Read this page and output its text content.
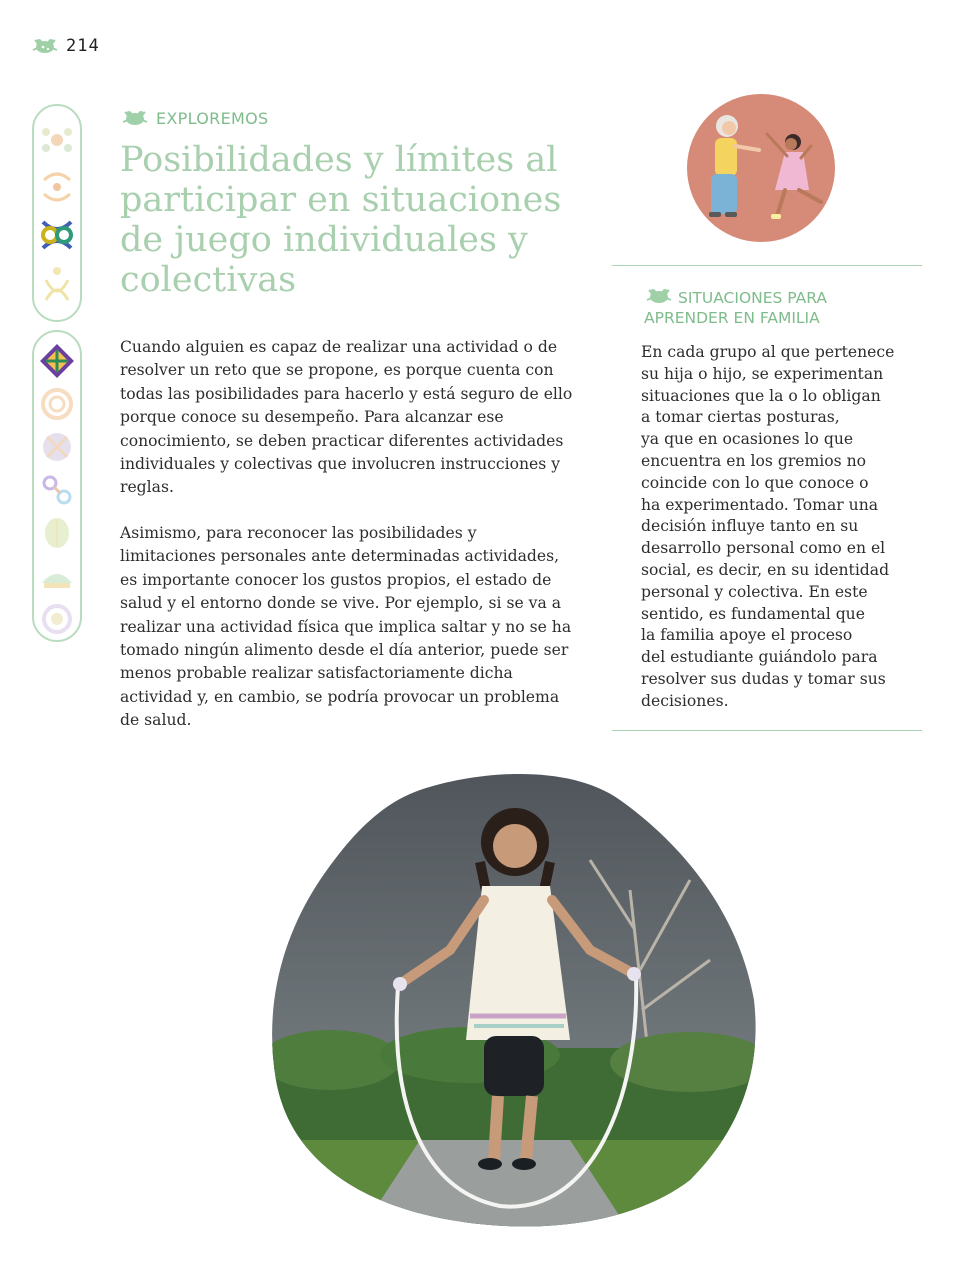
214
EXPLOREMOS
Posibilidades y límites al participar en situaciones de juego individuales y colectivas

Cuando alguien es capaz de realizar una actividad o de resolver un reto que se propone, es porque cuenta con todas las posibilidades para hacerlo y está seguro de ello porque conoce su desempeño. Para alcanzar ese conocimiento, se deben practicar diferentes actividades individuales y colectivas que involucren instrucciones y reglas.

Asimismo, para reconocer las posibilidades y limitaciones personales ante determinadas actividades, es importante conocer los gustos propios, el estado de salud y el entorno donde se vive. Por ejemplo, si se va a realizar una actividad física que implica saltar y no se ha tomado ningún alimento desde el día anterior, puede ser menos probable realizar satisfactoriamente dicha actividad y, en cambio, se podría provocar un problema de salud.

SITUACIONES PARA APRENDER EN FAMILIA

En cada grupo al que pertenece
su hija o hijo, se experimentan
situaciones que la o lo obligan
a tomar ciertas posturas,
ya que en ocasiones lo que
encuentra en los gremios no
coincide con lo que conoce o
ha experimentado. Tomar una
decisión influye tanto en su
desarrollo personal como en el
social, es decir, en su identidad
personal y colectiva. En este
sentido, es fundamental que
la familia apoye el proceso
del estudiante guiándolo para
resolver sus dudas y tomar sus
decisiones.
